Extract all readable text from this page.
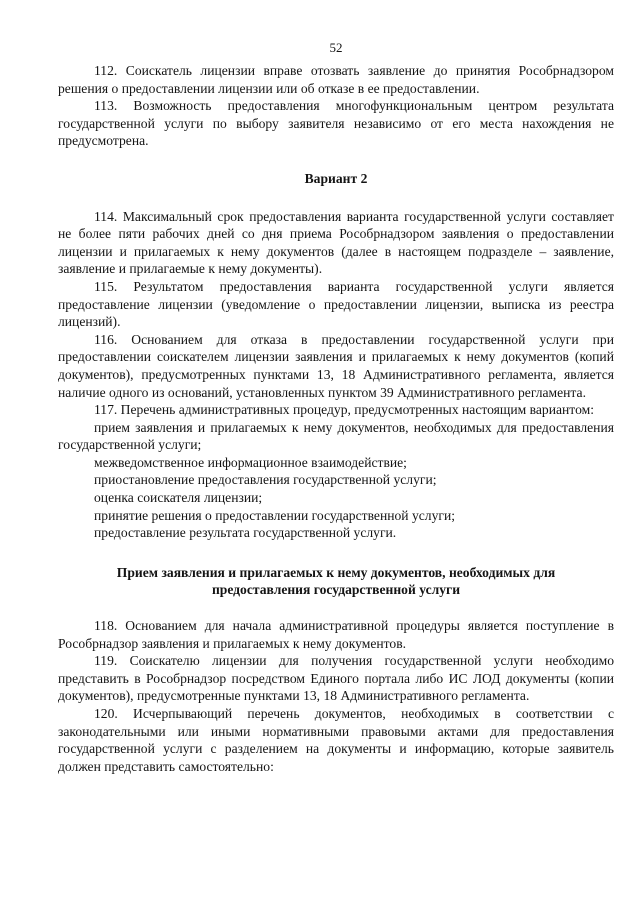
52

112. Соискатель лицензии вправе отозвать заявление до принятия Рособрнадзором решения о предоставлении лицензии или об отказе в ее предоставлении.

113. Возможность предоставления многофункциональным центром результата государственной услуги по выбору заявителя независимо от его места нахождения не предусмотрена.

Вариант 2

114. Максимальный срок предоставления варианта государственной услуги составляет не более пяти рабочих дней со дня приема Рособрнадзором заявления о предоставлении лицензии и прилагаемых к нему документов (далее в настоящем подразделе – заявление, заявление и прилагаемые к нему документы).

115. Результатом предоставления варианта государственной услуги является предоставление лицензии (уведомление о предоставлении лицензии, выписка из реестра лицензий).

116. Основанием для отказа в предоставлении государственной услуги при предоставлении соискателем лицензии заявления и прилагаемых к нему документов (копий документов), предусмотренных пунктами 13, 18 Административного регламента, является наличие одного из оснований, установленных пунктом 39 Административного регламента.

117. Перечень административных процедур, предусмотренных настоящим вариантом:

прием заявления и прилагаемых к нему документов, необходимых для предоставления государственной услуги;

межведомственное информационное взаимодействие;

приостановление предоставления государственной услуги;

оценка соискателя лицензии;

принятие решения о предоставлении государственной услуги;

предоставление результата государственной услуги.

Прием заявления и прилагаемых к нему документов, необходимых для предоставления государственной услуги

118. Основанием для начала административной процедуры является поступление в Рособрнадзор заявления и прилагаемых к нему документов.

119. Соискателю лицензии для получения государственной услуги необходимо представить в Рособрнадзор посредством Единого портала либо ИС ЛОД документы (копии документов), предусмотренные пунктами 13, 18 Административного регламента.

120. Исчерпывающий перечень документов, необходимых в соответствии с законодательными или иными нормативными правовыми актами для предоставления государственной услуги с разделением на документы и информацию, которые заявитель должен представить самостоятельно:
